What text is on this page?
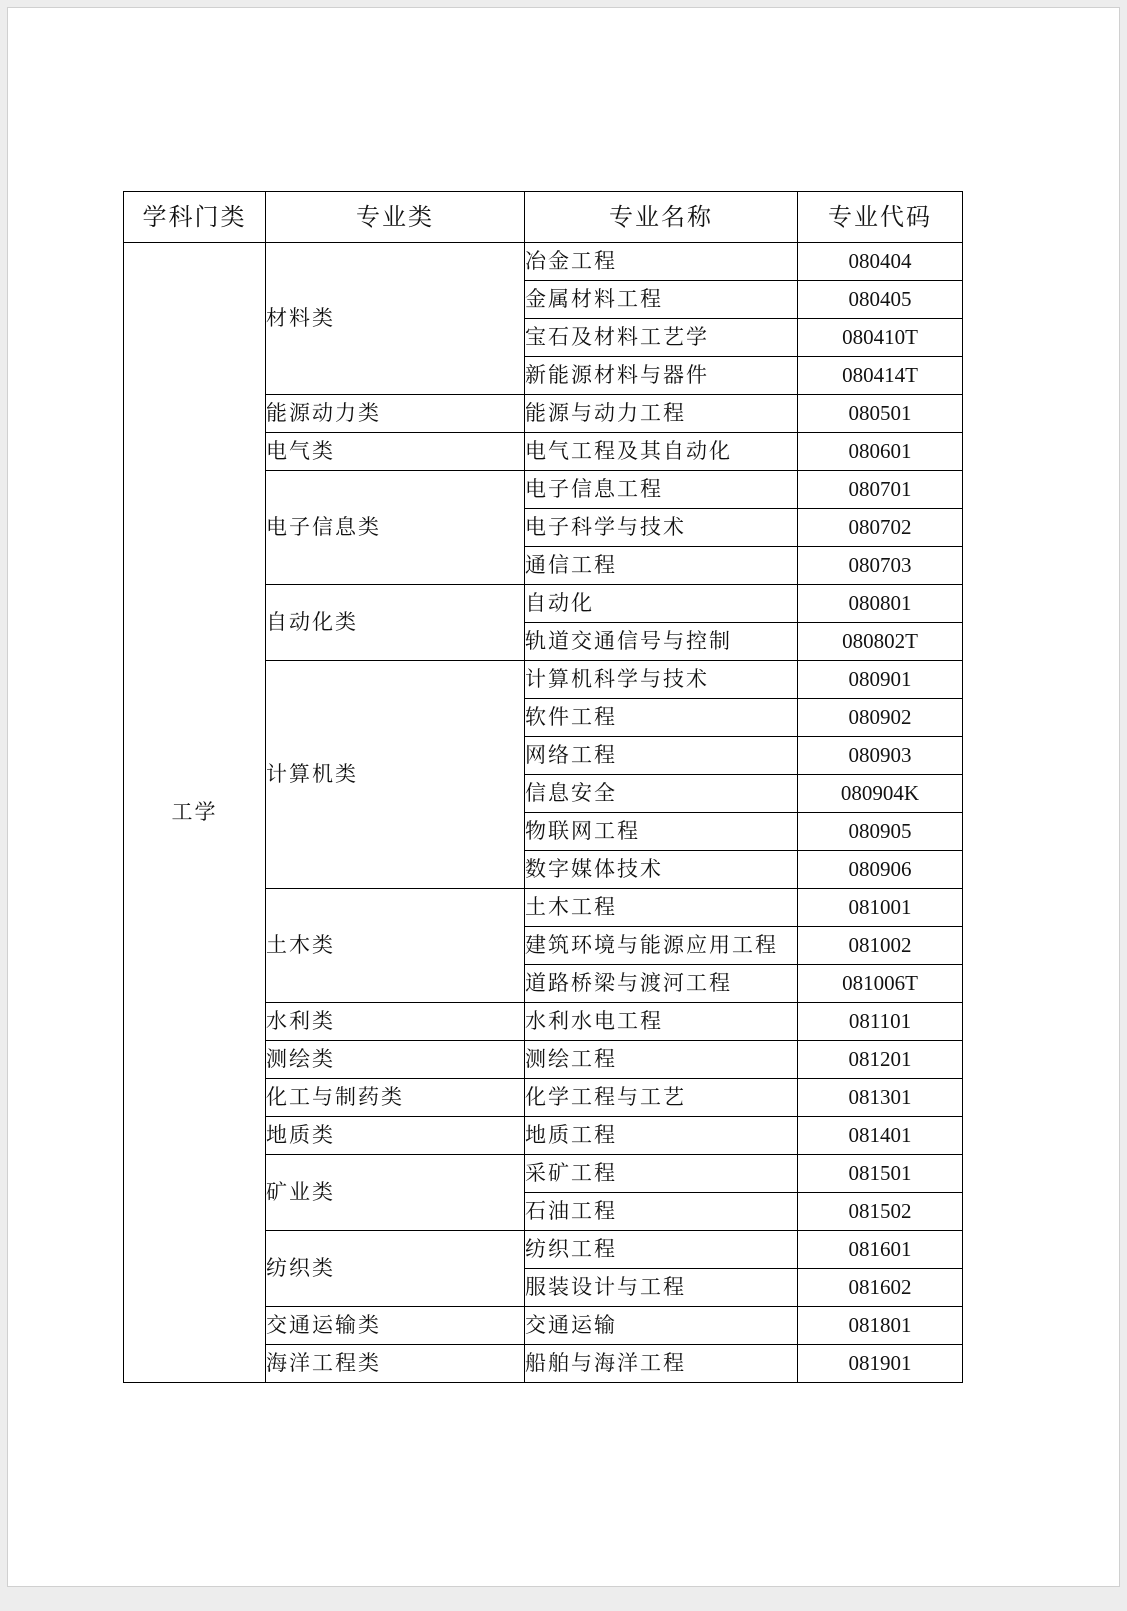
学科门类	专业类	专业名称	专业代码
工学	材料类	冶金工程	080404
		金属材料工程	080405
		宝石及材料工艺学	080410T
		新能源材料与器件	080414T
	能源动力类	能源与动力工程	080501
	电气类	电气工程及其自动化	080601
	电子信息类	电子信息工程	080701
		电子科学与技术	080702
		通信工程	080703
	自动化类	自动化	080801
		轨道交通信号与控制	080802T
	计算机类	计算机科学与技术	080901
		软件工程	080902
		网络工程	080903
		信息安全	080904K
		物联网工程	080905
		数字媒体技术	080906
	土木类	土木工程	081001
		建筑环境与能源应用工程	081002
		道路桥梁与渡河工程	081006T
	水利类	水利水电工程	081101
	测绘类	测绘工程	081201
	化工与制药类	化学工程与工艺	081301
	地质类	地质工程	081401
	矿业类	采矿工程	081501
		石油工程	081502
	纺织类	纺织工程	081601
		服装设计与工程	081602
	交通运输类	交通运输	081801
	海洋工程类	船舶与海洋工程	081901
